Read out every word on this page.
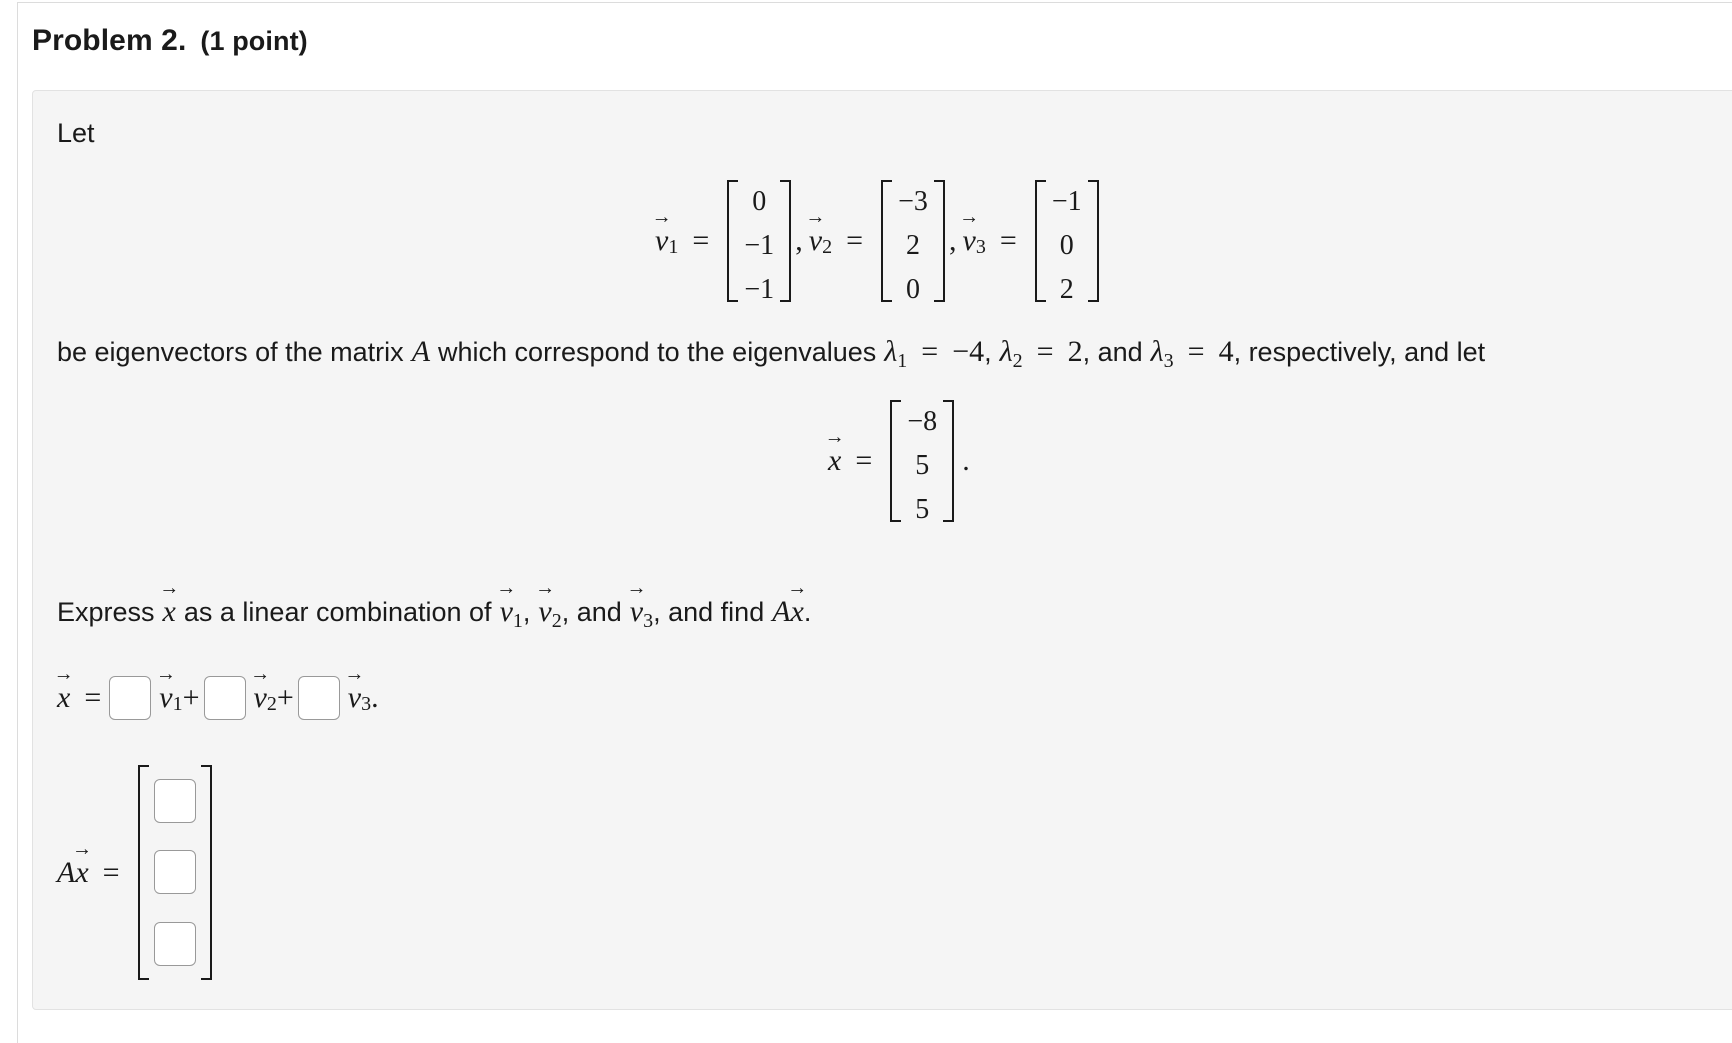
Problem 2. (1 point)
Let
→ v 1 =
0
−1
−1
, → v 2 =
−3
2
0
, → v 3 =
−1
0
2
be eigenvectors of the matrix A which correspond to the eigenvalues $\lambda_1 = -4$ , $\lambda_2 = 2$ , and $\lambda_3 = 4$ , respectively, and let
→ x =
−8
5
5
.
Express → x as a linear combination of → $v_1$ , → $v_2$ , and → $v_3$ , and find A→ x .
→ x = → v 1 + → v 2 + → v 3 .
A→ x =
